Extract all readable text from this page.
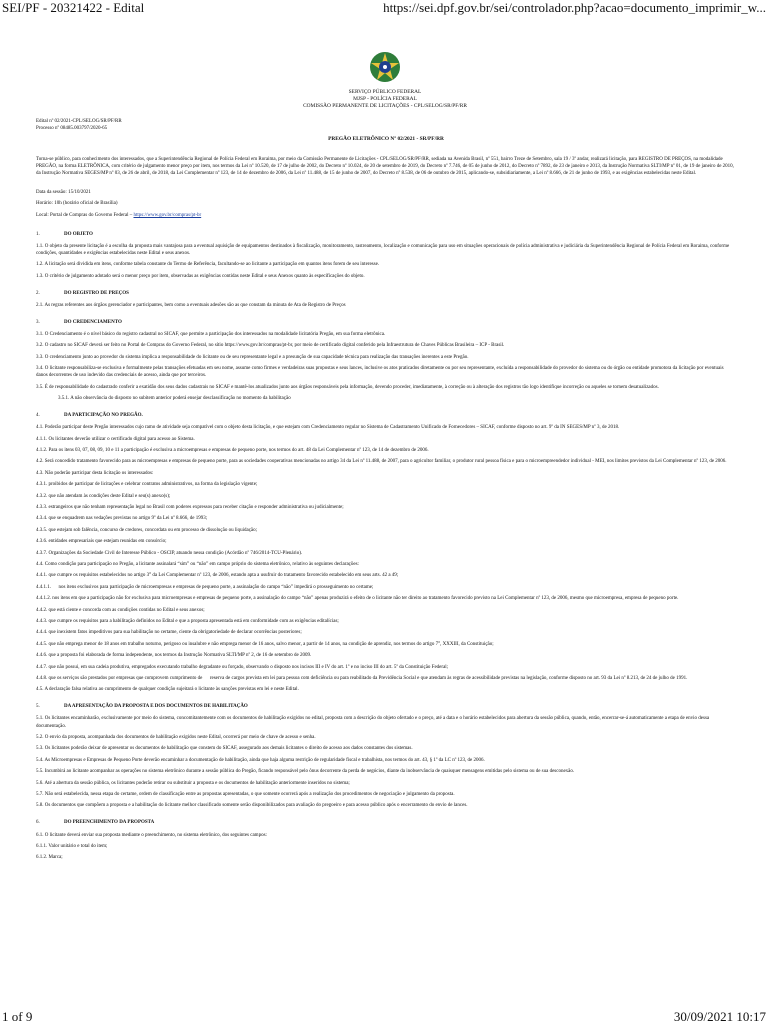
SEI/PF - 20321422 - Edital	https://sei.dpf.gov.br/sei/controlador.php?acao=documento_imprimir_w...
SERVIÇO PÚBLICO FEDERAL
MJSP - POLÍCIA FEDERAL
COMISSÃO PERMANENTE DE LICITAÇÕES - CPL/SELOG/SR/PF/RR

Edital nº 02/2021-CPL/SELOG/SR/PF/RR

Processo nº 08485.003797/2020-65

PREGÃO ELETRÔNICO Nº 02/2021 - SR/PF/RR

Torna-se público, para conhecimento dos interessados, que a Superintendência Regional de Polícia Federal em Roraima, por meio da Comissão Permanente de Licitações - CPL/SELOG/SR/PF/RR, sediada na Avenida Brasil, nº 551, bairro Treze de Setembro, sala 19 / 3º andar, realizará licitação, para REGISTRO DE PREÇOS, na modalidade PREGÃO, na forma ELETRÔNICA, com critério de julgamento menor preço por item, nos termos da Lei nº 10.520, de 17 de julho de 2002, do Decreto nº 10.024, de 20 de setembro de 2019, do Decreto nº 7.746, de 05 de junho de 2012, do Decreto nº 7892, de 23 de janeiro e 2013, da Instrução Normativa SLTI/MP nº 01, de 19 de janeiro de 2010, da Instrução Normativa SEGES/MP nº 03, de 26 de abril, de 2018, da Lei Complementar nº 123, de 14 de dezembro de 2006, da Lei nº 11.488, de 15 de junho de 2007, do Decreto nº 8.538, de 06 de outubro de 2015, aplicando-se, subsidiariamente, a Lei nº 8.666, de 21 de junho de 1993, e as exigências estabelecidas neste Edital.

Data da sessão: 15/10/2021

Horário: 10h (horário oficial de Brasília)

Local: Portal de Compras do Governo Federal – https://www.gov.br/compras/pt-br

1.	DO OBJETO

1.1. O objeto da presente licitação é a escolha da proposta mais vantajosa para a eventual aquisição de equipamentos destinados à fiscalização, monitoramento, rastreamento, localização e comunicação para uso em situações operacionais de polícia administrativa e judiciária da Superintendência Regional de Polícia Federal em Roraima, conforme condições, quantidades e exigências estabelecidas neste Edital e seus anexos.

1.2. A licitação será dividida em itens, conforme tabela constante do Termo de Referência, facultando-se ao licitante a participação em quantos itens forem de seu interesse.

1.3. O critério de julgamento adotado será o menor preço por item, observadas as exigências contidas neste Edital e seus Anexos quanto às especificações do objeto.

2.	DO REGISTRO DE PREÇOS

2.1. As regras referentes aos órgãos gerenciador e participantes, bem como a eventuais adesões são as que constam da minuta de Ata de Registro de Preços

3.	DO CREDENCIAMENTO

3.1. O Credenciamento é o nível básico do registro cadastral no SICAF, que permite a participação dos interessados na modalidade licitatória Pregão, em sua forma eletrônica.

3.2. O cadastro no SICAF deverá ser feito no Portal de Compras do Governo Federal, no sítio https://www.gov.br/compras/pt-br, por meio de certificado digital conferido pela Infraestrutura de Chaves Públicas Brasileira – ICP - Brasil.

3.3. O credenciamento junto ao provedor do sistema implica a responsabilidade do licitante ou de seu representante legal e a presunção de sua capacidade técnica para realização das transações inerentes a este Pregão.

3.4. O licitante responsabiliza-se exclusiva e formalmente pelas transações efetuadas em seu nome, assume como firmes e verdadeiras suas propostas e seus lances, inclusive os atos praticados diretamente ou por seu representante, excluída a responsabilidade do provedor do sistema ou do órgão ou entidade promotora da licitação por eventuais danos decorrentes de uso indevido das credenciais de acesso, ainda que por terceiros.

3.5. É de responsabilidade do cadastrado conferir a exatidão dos seus dados cadastrais no SICAF e mantê-los atualizados junto aos órgãos responsáveis pela informação, devendo proceder, imediatamente, à correção ou à alteração dos registros tão logo identifique incorreção ou aqueles se tornem desatualizados.

3.5.1. A não observância do disposto no subitem anterior poderá ensejar desclassificação no momento da habilitação

4.	DA PARTICIPAÇÃO NO PREGÃO.

4.1. Poderão participar deste Pregão interessados cujo ramo de atividade seja compatível com o objeto desta licitação, e que estejam com Credenciamento regular no Sistema de Cadastramento Unificado de Fornecedores – SICAF, conforme disposto no art. 9º da IN SEGES/MP nº 3, de 2018.

4.1.1. Os licitantes deverão utilizar o certificado digital para acesso ao Sistema.

4.1.2. Para os itens 03, 07, 08, 09, 10 e 11 a participação é exclusiva a microempresas e empresas de pequeno porte, nos termos do art. 48 da Lei Complementar nº 123, de 14 de dezembro de 2006.

4.2. Será concedido tratamento favorecido para as microempresas e empresas de pequeno porte, para as sociedades cooperativas mencionadas no artigo 34 da Lei nº 11.488, de 2007, para o agricultor familiar, o produtor rural pessoa física e para o microempreendedor individual - MEI, nos limites previstos da Lei Complementar nº 123, de 2006.

4.3. Não poderão participar desta licitação os interessados:

4.3.1. proibidos de participar de licitações e celebrar contratos administrativos, na forma da legislação vigente;

4.3.2. que não atendam às condições deste Edital e seu(s) anexo(s);

4.3.3. estrangeiros que não tenham representação legal no Brasil com poderes expressos para receber citação e responder administrativa ou judicialmente;

4.3.4. que se enquadrem nas vedações previstas no artigo 9º da Lei nº 8.666, de 1993;

4.3.5. que estejam sob falência, concurso de credores, concordata ou em processo de dissolução ou liquidação;

4.3.6. entidades empresariais que estejam reunidas em consórcio;

4.3.7. Organizações da Sociedade Civil de Interesse Público - OSCIP, atuando nessa condição (Acórdão nº 746/2014-TCU-Plenário).

4.4. Como condição para participação no Pregão, a licitante assinalará “sim” ou “não” em campo próprio do sistema eletrônico, relativo às seguintes declarações:

4.4.1. que cumpre os requisitos estabelecidos no artigo 3° da Lei Complementar nº 123, de 2006, estando apta a usufruir do tratamento favorecido estabelecido em seus arts. 42 a 49;

4.4.1.1.      nos itens exclusivos para participação de microempresas e empresas de pequeno porte, a assinalação do campo “não” impedirá o prosseguimento no certame;

4.4.1.2. nos itens em que a participação não for exclusiva para microempresas e empresas de pequeno porte, a assinalação do campo “não” apenas produzirá o efeito de o licitante não ter direito ao tratamento favorecido previsto na Lei Complementar nº 123, de 2006, mesmo que microempresa, empresa de pequeno porte.

4.4.2. que está ciente e concorda com as condições contidas no Edital e seus anexos;

4.4.3. que cumpre os requisitos para a habilitação definidos no Edital e que a proposta apresentada está em conformidade com as exigências editalícias;

4.4.4. que inexistem fatos impeditivos para sua habilitação no certame, ciente da obrigatoriedade de declarar ocorrências posteriores;

4.4.5. que não emprega menor de 18 anos em trabalho noturno, perigoso ou insalubre e não emprega menor de 16 anos, salvo menor, a partir de 14 anos, na condição de aprendiz, nos termos do artigo 7°, XXXIII, da Constituição;

4.4.6. que a proposta foi elaborada de forma independente, nos termos da Instrução Normativa SLTI/MP nº 2, de 16 de setembro de 2009.

4.4.7. que não possui, em sua cadeia produtiva, empregados executando trabalho degradante ou forçado, observando o disposto nos incisos III e IV do art. 1º e no inciso III do art. 5º da Constituição Federal;

4.4.8. que os serviços são prestados por empresas que comprovem cumprimento de      reserva de cargos prevista em lei para pessoa com deficiência ou para reabilitado da Previdência Social e que atendam às regras de acessibilidade previstas na legislação, conforme disposto no art. 93 da Lei nº 8.213, de 24 de julho de 1991.

4.5. A declaração falsa relativa ao cumprimento de qualquer condição sujeitará o licitante às sanções previstas em lei e neste Edital.

5.	DA APRESENTAÇÃO DA PROPOSTA E DOS DOCUMENTOS DE HABILITAÇÃO

5.1. Os licitantes encaminharão, exclusivamente por meio do sistema, concomitantemente com os documentos de habilitação exigidos no edital, proposta com a descrição do objeto ofertado e o preço, até a data e o horário estabelecidos para abertura da sessão pública, quando, então, encerrar-se-á automaticamente a etapa de envio dessa documentação.

5.2. O envio da proposta, acompanhada dos documentos de habilitação exigidos neste Edital, ocorrerá por meio de chave de acesso e senha.

5.3. Os licitantes poderão deixar de apresentar os documentos de habilitação que constem do SICAF, assegurado aos demais licitantes o direito de acesso aos dados constantes dos sistemas.

5.4. As Microempresas e Empresas de Pequeno Porte deverão encaminhar a documentação de habilitação, ainda que haja alguma restrição de regularidade fiscal e trabalhista, nos termos do art. 43, § 1º da LC nº 123, de 2006.

5.5. Incumbirá ao licitante acompanhar as operações no sistema eletrônico durante a sessão pública do Pregão, ficando responsável pelo ônus decorrente da perda de negócios, diante da inobservância de quaisquer mensagens emitidas pelo sistema ou de sua desconexão.

5.6. Até a abertura da sessão pública, os licitantes poderão retirar ou substituir a proposta e os documentos de habilitação anteriormente inseridos no sistema;

5.7. Não será estabelecida, nessa etapa do certame, ordem de classificação entre as propostas apresentadas, o que somente ocorrerá após a realização dos procedimentos de negociação e julgamento da proposta.

5.8. Os documentos que compõem a proposta e a habilitação do licitante melhor classificado somente serão disponibilizados para avaliação do pregoeiro e para acesso público após o encerramento do envio de lances.

6.	DO PREENCHIMENTO DA PROPOSTA

6.1. O licitante deverá enviar sua proposta mediante o preenchimento, no sistema eletrônico, dos seguintes campos:

6.1.1. Valor unitário e total do item;

6.1.2. Marca;

1 of 9	30/09/2021 10:17
